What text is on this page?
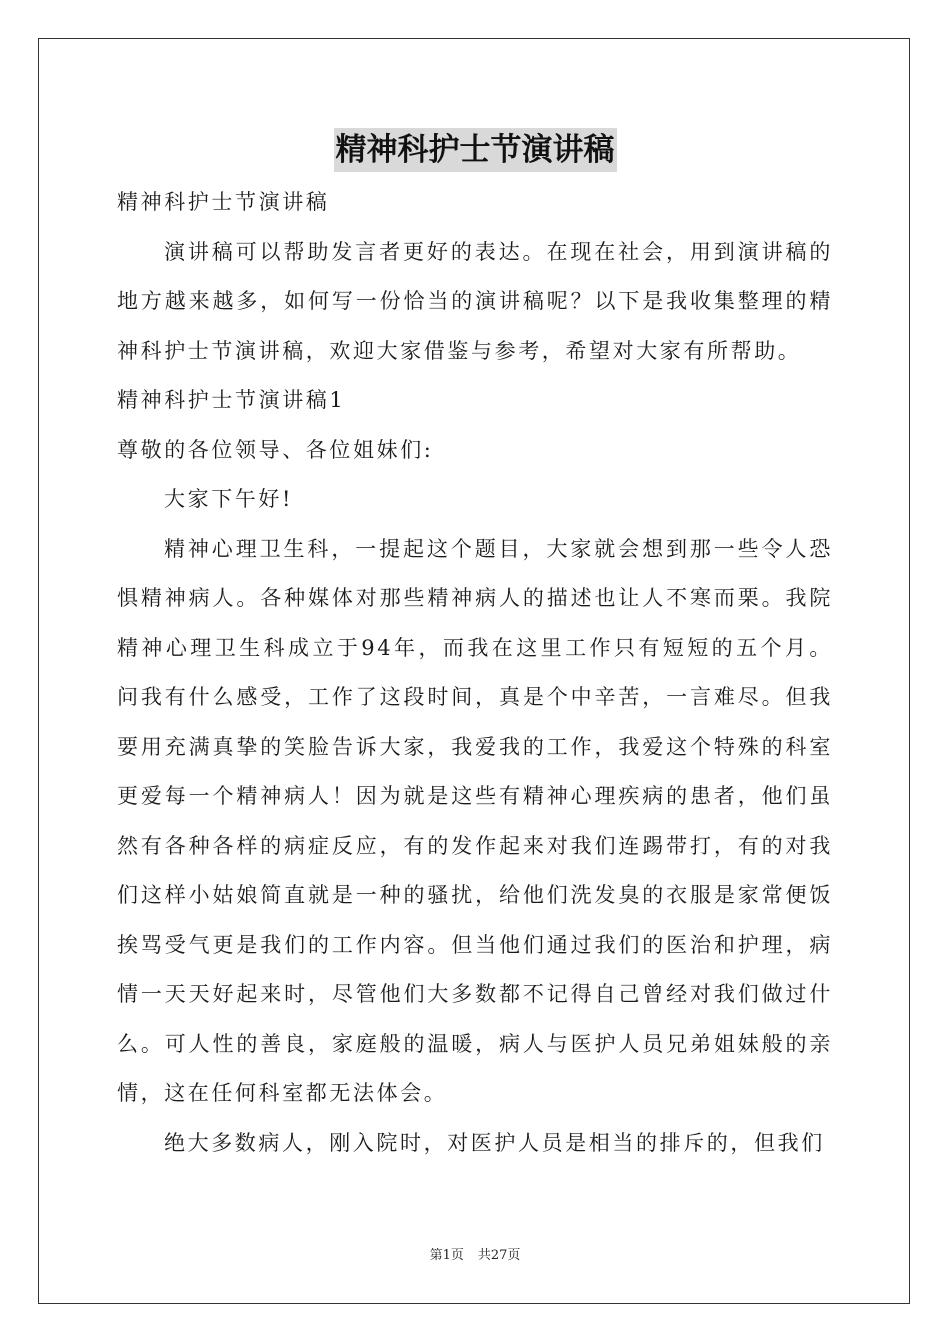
精神科护士节演讲稿

精神科护士节演讲稿

演讲稿可以帮助发言者更好的表达。在现在社会，用到演讲稿的地方越来越多，如何写一份恰当的演讲稿呢？以下是我收集整理的精神科护士节演讲稿，欢迎大家借鉴与参考，希望对大家有所帮助。

精神科护士节演讲稿1

尊敬的各位领导、各位姐妹们:

大家下午好!

精神心理卫生科，一提起这个题目，大家就会想到那一些令人恐惧精神病人。各种媒体对那些精神病人的描述也让人不寒而栗。我院精神心理卫生科成立于94年，而我在这里工作只有短短的五个月。问我有什么感受，工作了这段时间，真是个中辛苦，一言难尽。但我要用充满真挚的笑脸告诉大家，我爱我的工作，我爱这个特殊的科室更爱每一个精神病人！因为就是这些有精神心理疾病的患者，他们虽然有各种各样的病症反应，有的发作起来对我们连踢带打，有的对我们这样小姑娘简直就是一种的骚扰，给他们洗发臭的衣服是家常便饭挨骂受气更是我们的工作内容。但当他们通过我们的医治和护理，病情一天天好起来时，尽管他们大多数都不记得自己曾经对我们做过什么。可人性的善良，家庭般的温暖，病人与医护人员兄弟姐妹般的亲情，这在任何科室都无法体会。

绝大多数病人，刚入院时，对医护人员是相当的排斥的，但我们

第1页 共27页
